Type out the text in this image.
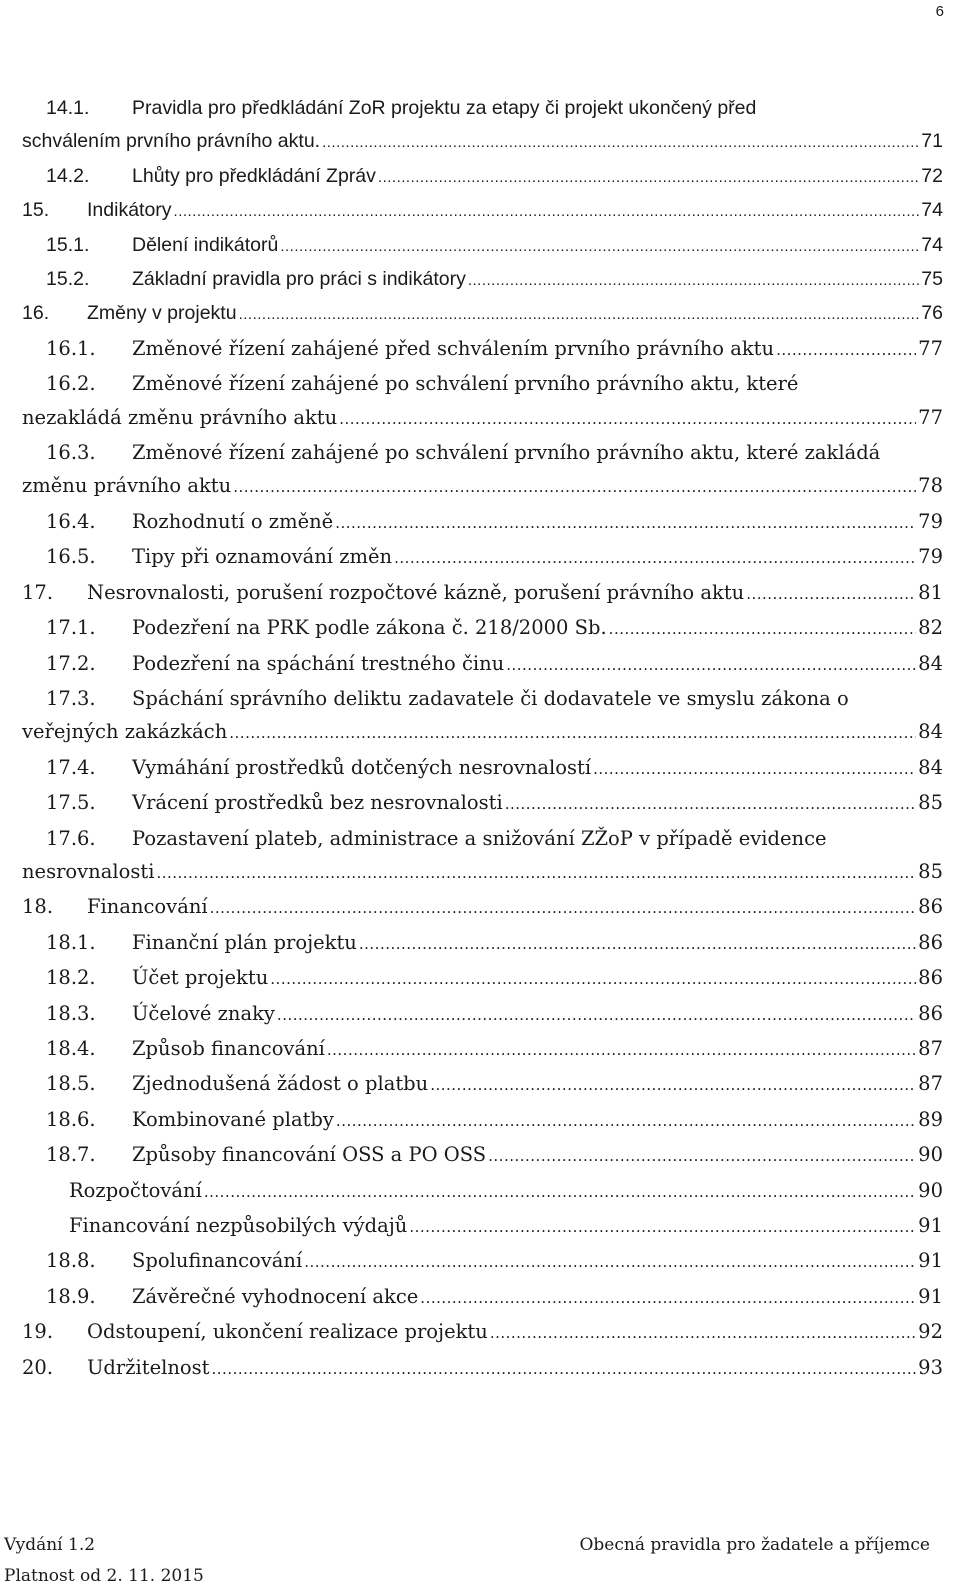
6
14.1.	Pravidla pro předkládání ZoR projektu za etapy či projekt ukončený před
schválením prvního právního aktu. .....	71
14.2.	Lhůty pro předkládání Zpráv .....	72
15.	Indikátory .....	74
15.1.	Dělení indikátorů .....	74
15.2.	Základní pravidla pro práci s indikátory .....	75
16.	Změny v projektu .....	76
16.1.	Změnové řízení zahájené před schválením prvního právního aktu .....	77
16.2.	Změnové řízení zahájené po schválení prvního právního aktu, které
nezakládá změnu právního aktu .....	77
16.3.	Změnové řízení zahájené po schválení prvního právního aktu, které zakládá
změnu právního aktu .....	78
16.4.	Rozhodnutí o změně .....	79
16.5.	Tipy při oznamování změn .....	79
17.	Nesrovnalosti, porušení rozpočtové kázně, porušení právního aktu .....	81
17.1.	Podezření na PRK podle zákona č. 218/2000 Sb. .....	82
17.2.	Podezření na spáchání trestného činu .....	84
17.3.	Spáchání správního deliktu zadavatele či dodavatele ve smyslu zákona o
veřejných zakázkách .....	84
17.4.	Vymáhání prostředků dotčených nesrovnalostí .....	84
17.5.	Vrácení prostředků bez nesrovnalosti .....	85
17.6.	Pozastavení plateb, administrace a snižování ZŽoP v případě evidence
nesrovnalosti .....	85
18.	Financování .....	86
18.1.	Finanční plán projektu .....	86
18.2.	Účet projektu .....	86
18.3.	Účelové znaky .....	86
18.4.	Způsob financování .....	87
18.5.	Zjednodušená žádost o platbu .....	87
18.6.	Kombinované platby .....	89
18.7.	Způsoby financování OSS a PO OSS .....	90
Rozpočtování .....	90
Financování nezpůsobilých výdajů .....	91
18.8.	Spolufinancování .....	91
18.9.	Závěrečné vyhodnocení akce .....	91
19.	Odstoupení, ukončení realizace projektu .....	92
20.	Udržitelnost .....	93
Vydání 1.2
Platnost od 2. 11. 2015
Obecná pravidla pro žadatele a příjemce
